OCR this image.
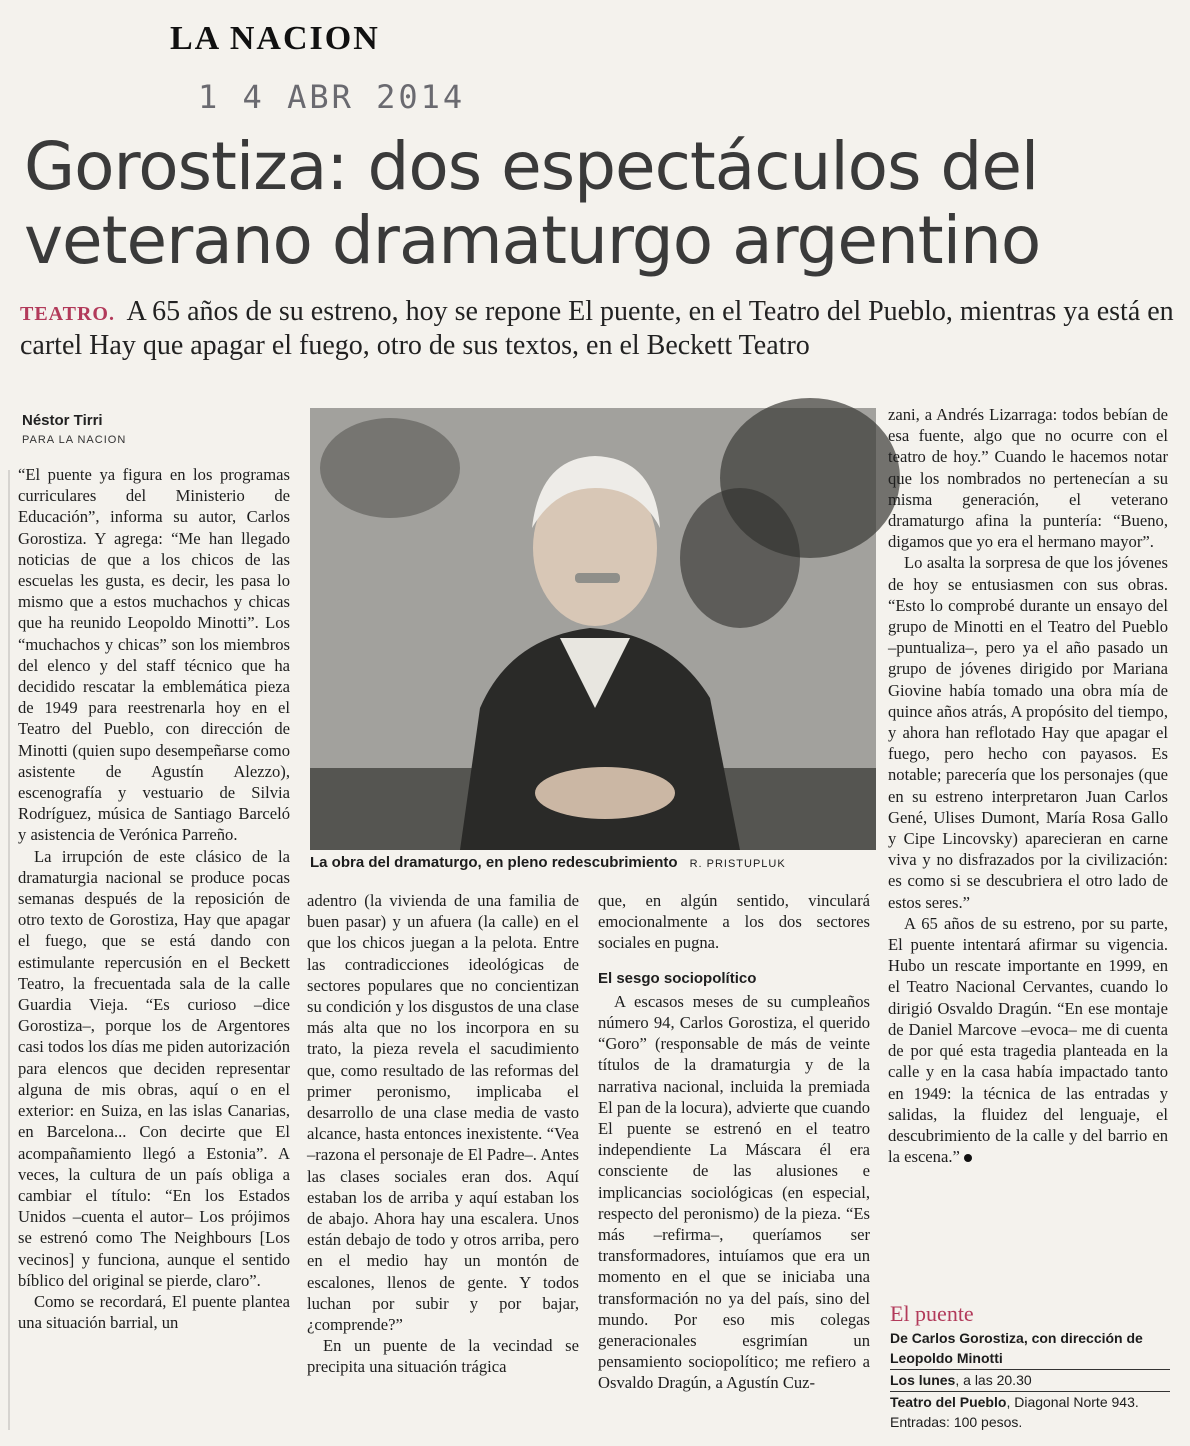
LA NACION
1 4 ABR 2014
Gorostiza: dos espectáculos del veterano dramaturgo argentino
TEATRO. A 65 años de su estreno, hoy se repone El puente, en el Teatro del Pueblo, mientras ya está en cartel Hay que apagar el fuego, otro de sus textos, en el Beckett Teatro
Néstor Tirri
PARA LA NACION

“El puente ya figura en los programas curriculares del Ministerio de Educación”, informa su autor, Carlos Gorostiza. Y agrega: “Me han llegado noticias de que a los chicos de las escuelas les gusta, es decir, les pasa lo mismo que a estos muchachos y chicas que ha reunido Leopoldo Minotti”. Los “muchachos y chicas” son los miembros del elenco y del staff técnico que ha decidido rescatar la emblemática pieza de 1949 para reestrenarla hoy en el Teatro del Pueblo, con dirección de Minotti (quien supo desempeñarse como asistente de Agustín Alezzo), escenografía y vestuario de Silvia Rodríguez, música de Santiago Barceló y asistencia de Verónica Parreño.

La irrupción de este clásico de la dramaturgia nacional se produce pocas semanas después de la reposición de otro texto de Gorostiza, Hay que apagar el fuego, que se está dando con estimulante repercusión en el Beckett Teatro, la frecuentada sala de la calle Guardia Vieja. “Es curioso –dice Gorostiza–, porque los de Argentores casi todos los días me piden autorización para elencos que deciden representar alguna de mis obras, aquí o en el exterior: en Suiza, en las islas Canarias, en Barcelona... Con decirte que El acompañamiento llegó a Estonia”. A veces, la cultura de un país obliga a cambiar el título: “En los Estados Unidos –cuenta el autor– Los prójimos se estrenó como The Neighbours [Los vecinos] y funciona, aunque el sentido bíblico del original se pierde, claro”.

Como se recordará, El puente plantea una situación barrial, un

La obra del dramaturgo, en pleno redescubrimiento R. PRISTUPLUK

adentro (la vivienda de una familia de buen pasar) y un afuera (la calle) en el que los chicos juegan a la pelota. Entre las contradicciones ideológicas de sectores populares que no concientizan su condición y los disgustos de una clase más alta que no los incorpora en su trato, la pieza revela el sacudimiento que, como resultado de las reformas del primer peronismo, implicaba el desarrollo de una clase media de vasto alcance, hasta entonces inexistente. “Vea –razona el personaje de El Padre–. Antes las clases sociales eran dos. Aquí estaban los de arriba y aquí estaban los de abajo. Ahora hay una escalera. Unos están debajo de todo y otros arriba, pero en el medio hay un montón de escalones, llenos de gente. Y todos luchan por subir y por bajar, ¿comprende?”

En un puente de la vecindad se precipita una situación trágica

que, en algún sentido, vinculará emocionalmente a los dos sectores sociales en pugna.

El sesgo sociopolítico

A escasos meses de su cumpleaños número 94, Carlos Gorostiza, el querido “Goro” (responsable de más de veinte títulos de la dramaturgia y de la narrativa nacional, incluida la premiada El pan de la locura), advierte que cuando El puente se estrenó en el teatro independiente La Máscara él era consciente de las alusiones e implicancias sociológicas (en especial, respecto del peronismo) de la pieza. “Es más –refirma–, queríamos ser transformadores, intuíamos que era un momento en el que se iniciaba una transformación no ya del país, sino del mundo. Por eso mis colegas generacionales esgrimían un pensamiento sociopolítico; me refiero a Osvaldo Dragún, a Agustín Cuz-

zani, a Andrés Lizarraga: todos bebían de esa fuente, algo que no ocurre con el teatro de hoy.” Cuando le hacemos notar que los nombrados no pertenecían a su misma generación, el veterano dramaturgo afina la puntería: “Bueno, digamos que yo era el hermano mayor”.

Lo asalta la sorpresa de que los jóvenes de hoy se entusiasmen con sus obras. “Esto lo comprobé durante un ensayo del grupo de Minotti en el Teatro del Pueblo –puntualiza–, pero ya el año pasado un grupo de jóvenes dirigido por Mariana Giovine había tomado una obra mía de quince años atrás, A propósito del tiempo, y ahora han reflotado Hay que apagar el fuego, pero hecho con payasos. Es notable; parecería que los personajes (que en su estreno interpretaron Juan Carlos Gené, Ulises Dumont, María Rosa Gallo y Cipe Lincovsky) aparecieran en carne viva y no disfrazados por la civilización: es como si se descubriera el otro lado de estos seres.”

A 65 años de su estreno, por su parte, El puente intentará afirmar su vigencia. Hubo un rescate importante en 1999, en el Teatro Nacional Cervantes, cuando lo dirigió Osvaldo Dragún. “En ese montaje de Daniel Marcove –evoca– me di cuenta de por qué esta tragedia planteada en la calle y en la casa había impactado tanto en 1949: la técnica de las entradas y salidas, la fluidez del lenguaje, el descubrimiento de la calle y del barrio en la escena.”

El puente
De Carlos Gorostiza, con dirección de Leopoldo Minotti
Los lunes, a las 20.30
Teatro del Pueblo, Diagonal Norte 943. Entradas: 100 pesos.
